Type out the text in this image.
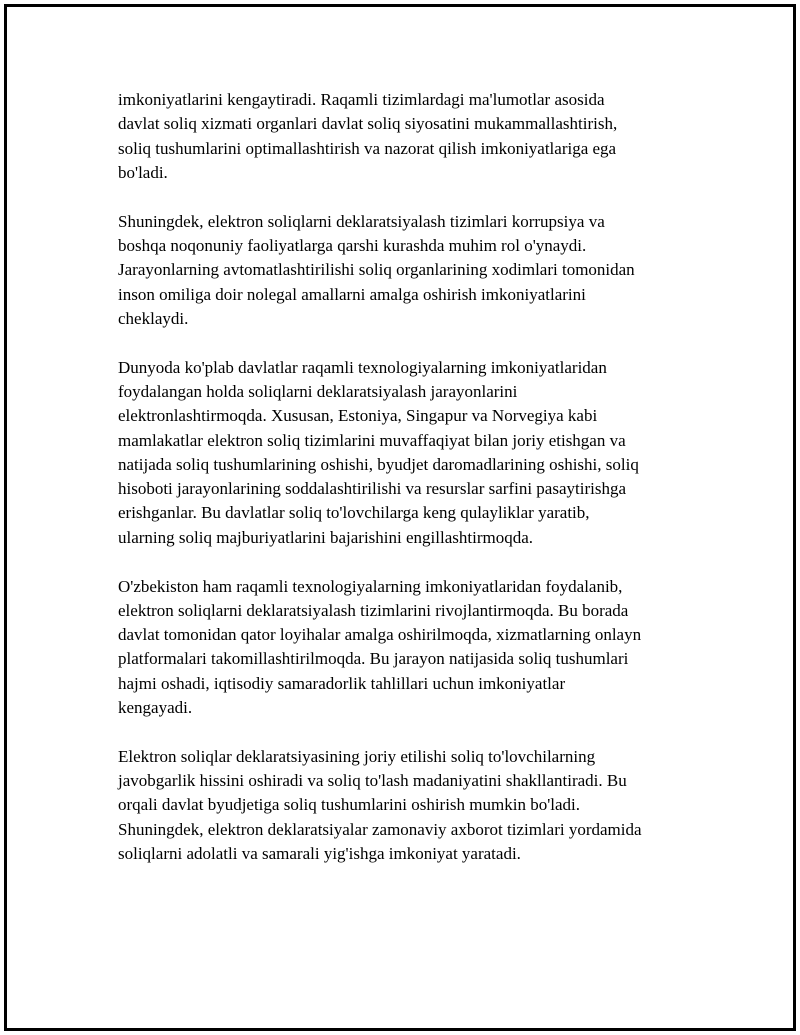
imkoniyatlarini kengaytiradi. Raqamli tizimlardagi ma'lumotlar asosida
davlat soliq xizmati organlari davlat soliq siyosatini mukammallashtirish,
soliq tushumlarini optimallashtirish va nazorat qilish imkoniyatlariga ega
bo'ladi.

Shuningdek, elektron soliqlarni deklaratsiyalash tizimlari korrupsiya va
boshqa noqonuniy faoliyatlarga qarshi kurashda muhim rol o'ynaydi.
Jarayonlarning avtomatlashtirilishi soliq organlarining xodimlari tomonidan
inson omiliga doir nolegal amallarni amalga oshirish imkoniyatlarini
cheklaydi.

Dunyoda ko'plab davlatlar raqamli texnologiyalarning imkoniyatlaridan
foydalangan holda soliqlarni deklaratsiyalash jarayonlarini
elektronlashtirmoqda. Xususan, Estoniya, Singapur va Norvegiya kabi
mamlakatlar elektron soliq tizimlarini muvaffaqiyat bilan joriy etishgan va
natijada soliq tushumlarining oshishi, byudjet daromadlarining oshishi, soliq
hisoboti jarayonlarining soddalashtirilishi va resurslar sarfini pasaytirishga
erishganlar. Bu davlatlar soliq to'lovchilarga keng qulayliklar yaratib,
ularning soliq majburiyatlarini bajarishini engillashtirmoqda.

O'zbekiston ham raqamli texnologiyalarning imkoniyatlaridan foydalanib,
elektron soliqlarni deklaratsiyalash tizimlarini rivojlantirmoqda. Bu borada
davlat tomonidan qator loyihalar amalga oshirilmoqda, xizmatlarning onlayn
platformalari takomillashtirilmoqda. Bu jarayon natijasida soliq tushumlari
hajmi oshadi, iqtisodiy samaradorlik tahlillari uchun imkoniyatlar
kengayadi.

Elektron soliqlar deklaratsiyasining joriy etilishi soliq to'lovchilarning
javobgarlik hissini oshiradi va soliq to'lash madaniyatini shakllantiradi. Bu
orqali davlat byudjetiga soliq tushumlarini oshirish mumkin bo'ladi.
Shuningdek, elektron deklaratsiyalar zamonaviy axborot tizimlari yordamida
soliqlarni adolatli va samarali yig'ishga imkoniyat yaratadi.
